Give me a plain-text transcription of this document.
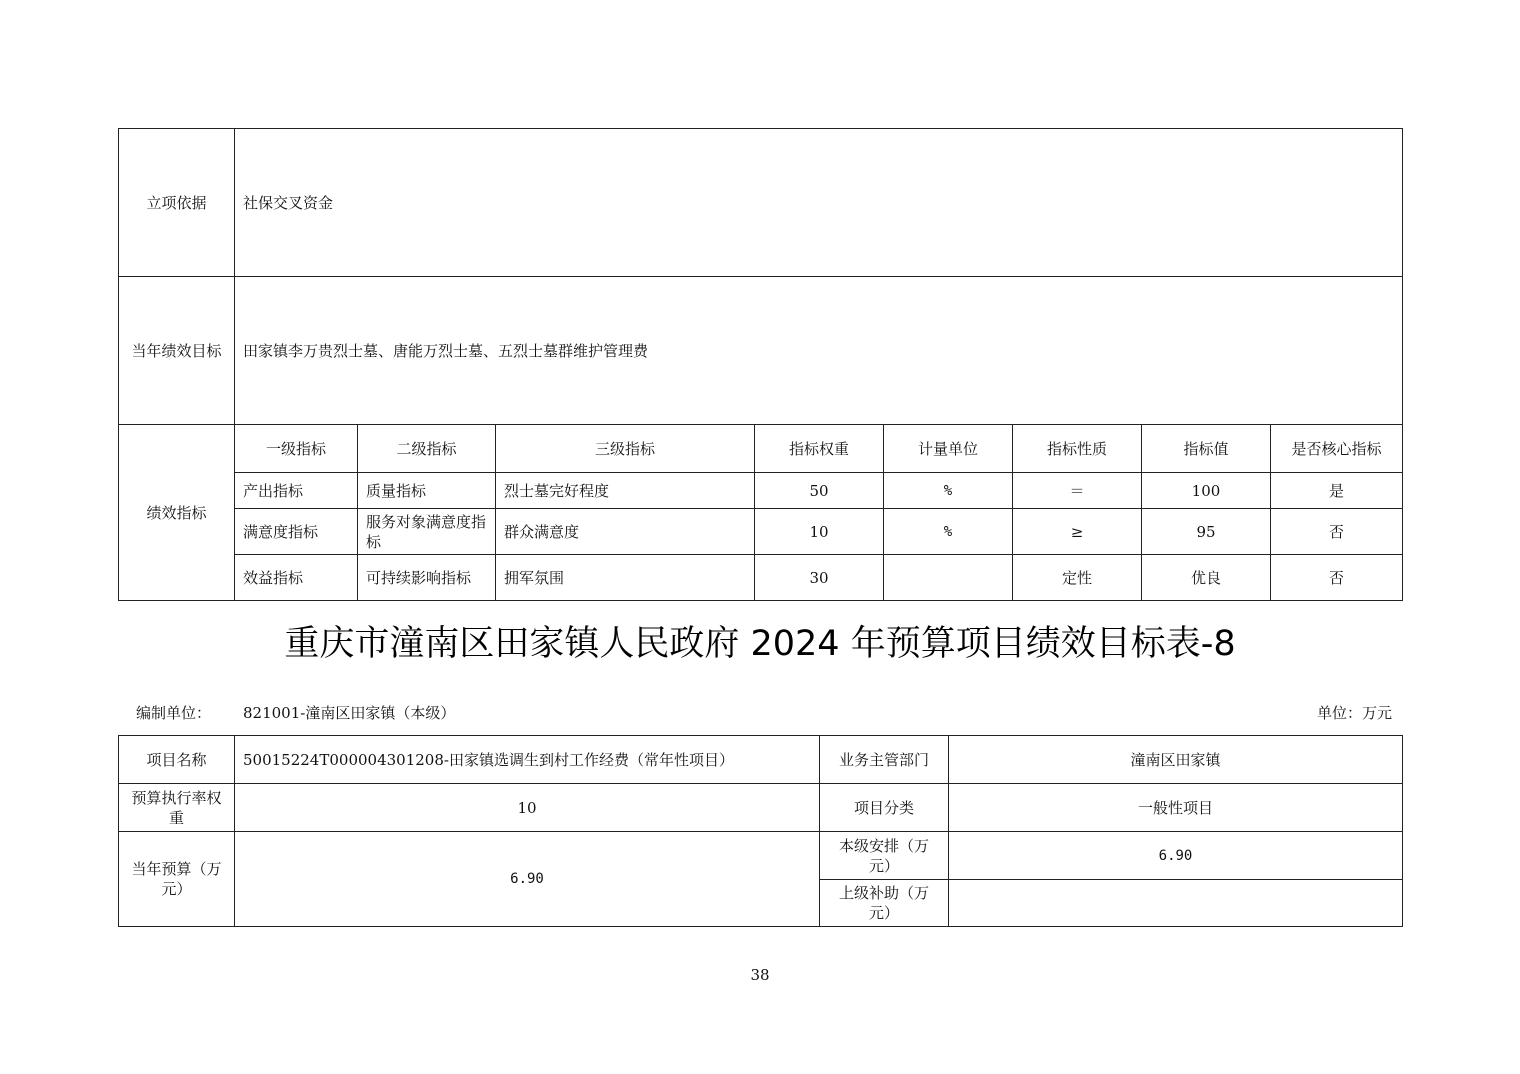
立项依据	社保交叉资金							
当年绩效目标	田家镇李万贵烈士墓、唐能万烈士墓、五烈士墓群维护管理费							
绩效指标	一级指标	二级指标	三级指标	指标权重	计量单位	指标性质	指标值	是否核心指标
	产出指标	质量指标	烈士墓完好程度	50	%	＝	100	是
	满意度指标	服务对象满意度指标	群众满意度	10	%	≥	95	否
	效益指标	可持续影响指标	拥军氛围	30		定性	优良	否
重庆市潼南区田家镇人民政府 2024 年预算项目绩效目标表-8
编制单位： 821001-潼南区田家镇（本级）	单位：万元
项目名称	50015224T000004301208-田家镇选调生到村工作经费（常年性项目）	业务主管部门	潼南区田家镇
预算执行率权重	10	项目分类	一般性项目
当年预算（万元）	6.90	本级安排（万元）	6.90
		上级补助（万元）	
38
